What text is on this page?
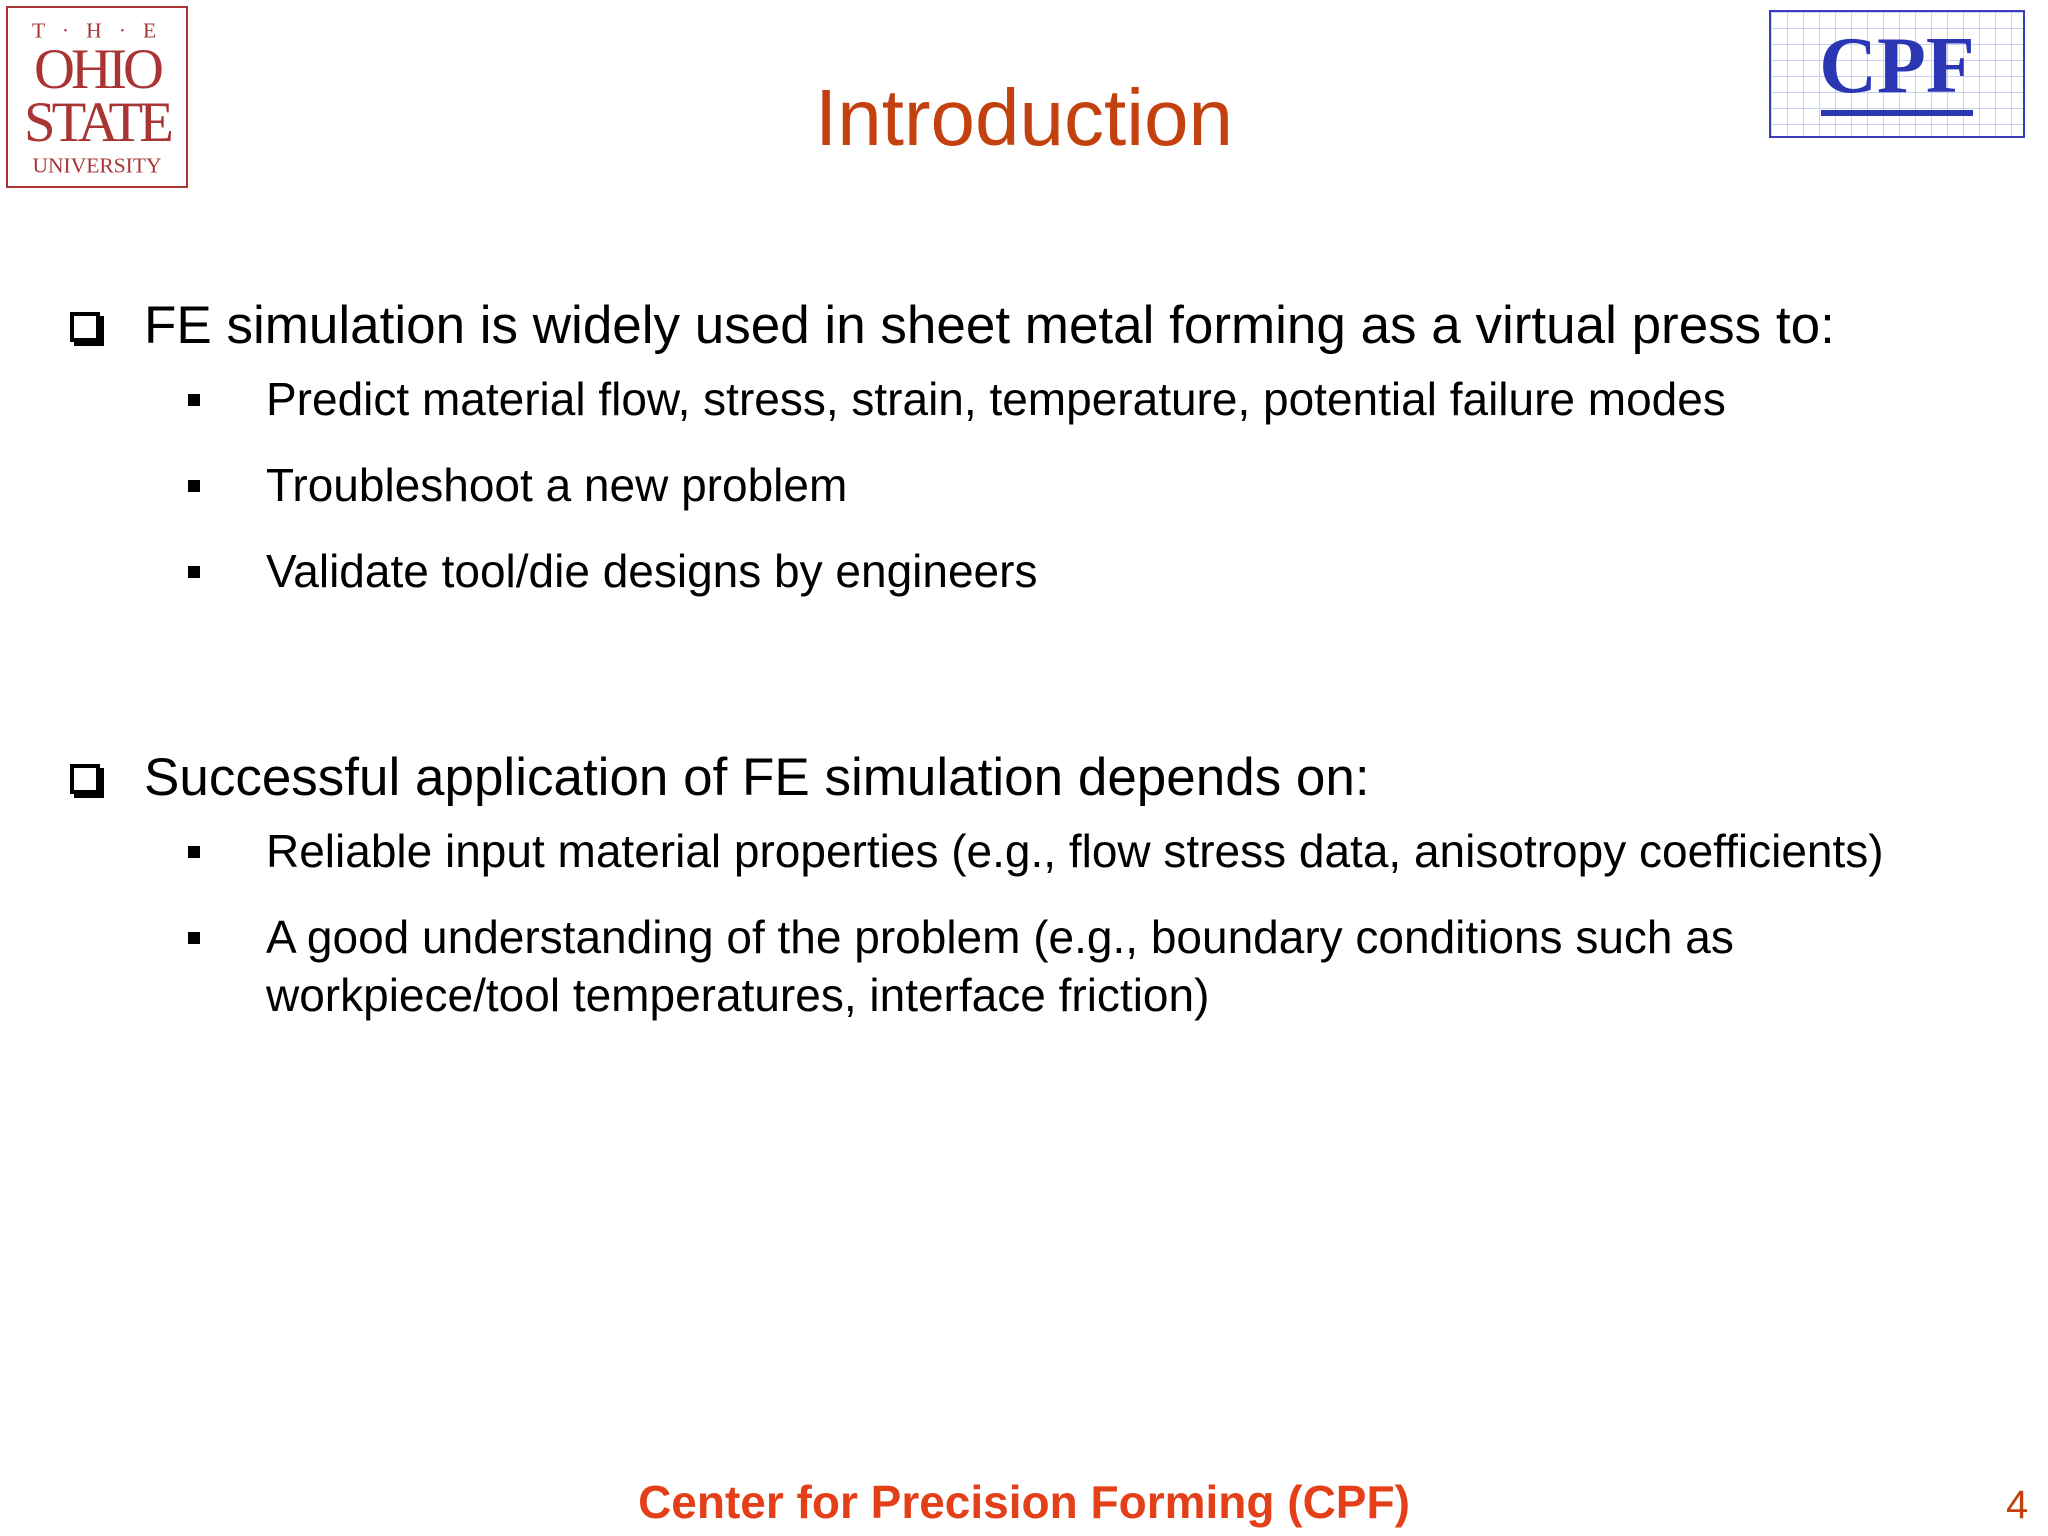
T · H · E
OHIO
STATE
UNIVERSITY
CPF
Introduction
FE simulation is widely used in sheet metal forming as a virtual press to:
Predict material flow, stress, strain, temperature, potential failure modes
Troubleshoot a new problem
Validate tool/die designs by engineers
Successful application of FE simulation depends on:
Reliable input material properties (e.g., flow stress data, anisotropy coefficients)
A good understanding of the problem (e.g., boundary conditions such as workpiece/tool temperatures, interface friction)
Center for Precision Forming (CPF)	4
